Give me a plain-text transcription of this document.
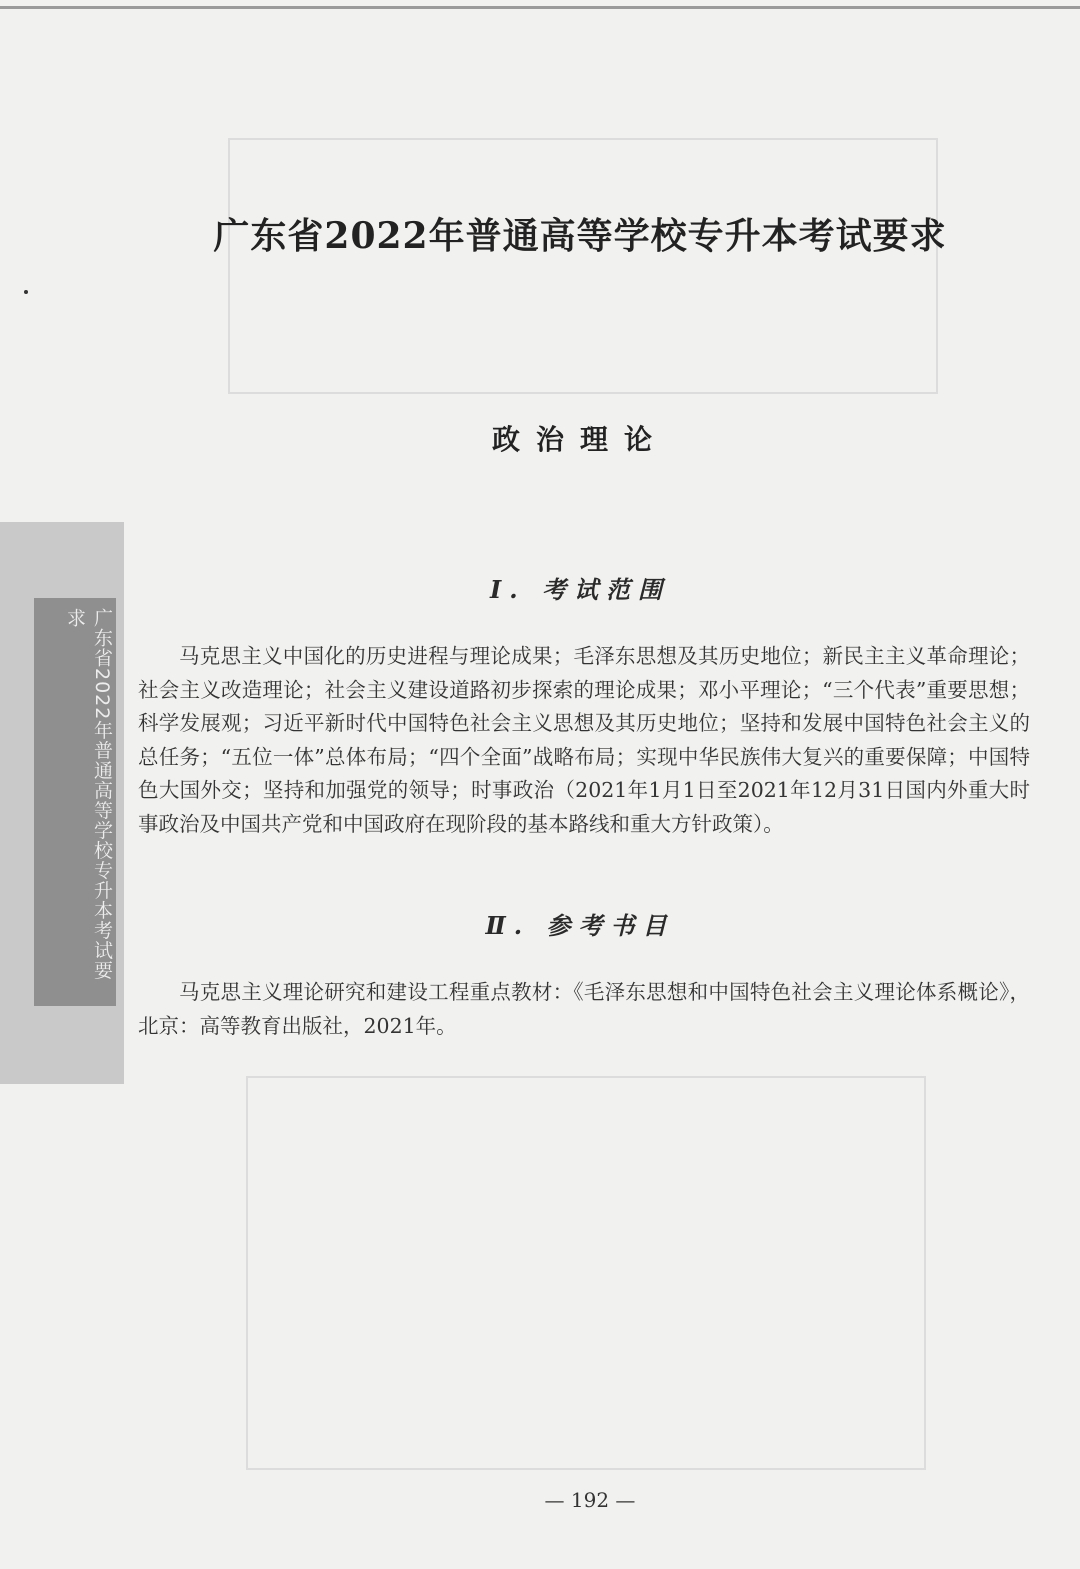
广东省2022年普通高等学校专升本考试要求
广东省2022年普通高等学校专升本考试要求
政治理论
Ⅰ. 考试范围

马克思主义中国化的历史进程与理论成果；毛泽东思想及其历史地位；新民主主义革命理论；社会主义改造理论；社会主义建设道路初步探索的理论成果；邓小平理论；“三个代表”重要思想；科学发展观；习近平新时代中国特色社会主义思想及其历史地位；坚持和发展中国特色社会主义的总任务；“五位一体”总体布局；“四个全面”战略布局；实现中华民族伟大复兴的重要保障；中国特色大国外交；坚持和加强党的领导；时事政治（2021年1月1日至2021年12月31日国内外重大时事政治及中国共产党和中国政府在现阶段的基本路线和重大方针政策）。

Ⅱ. 参考书目

马克思主义理论研究和建设工程重点教材：《毛泽东思想和中国特色社会主义理论体系概论》，北京：高等教育出版社，2021年。

— 192 —
